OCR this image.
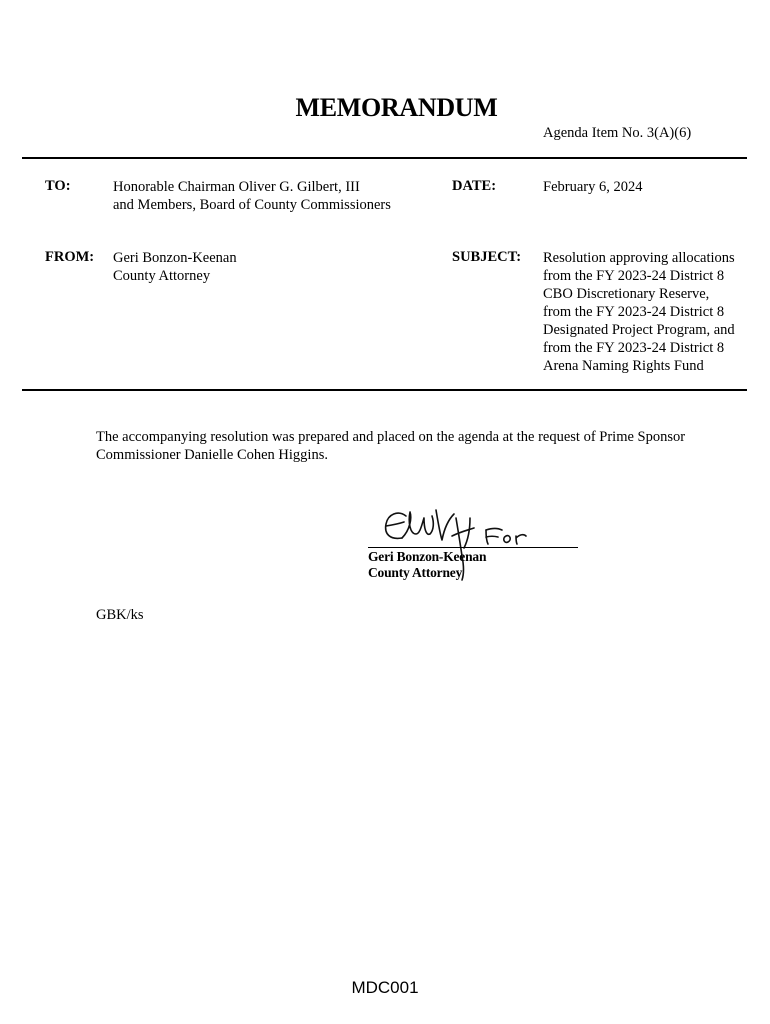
MEMORANDUM
Agenda Item No. 3(A)(6)
TO:	Honorable Chairman Oliver G. Gilbert, III
and Members, Board of County Commissioners
DATE:	February 6, 2024
FROM: Geri Bonzon-Keenan
County Attorney
SUBJECT: Resolution approving allocations
from the FY 2023-24 District 8
CBO Discretionary Reserve,
from the FY 2023-24 District 8
Designated Project Program, and
from the FY 2023-24 District 8
Arena Naming Rights Fund
The accompanying resolution was prepared and placed on the agenda at the request of Prime Sponsor
Commissioner Danielle Cohen Higgins.
Geri Bonzon-Keenan
County Attorney
GBK/ks
MDC001
